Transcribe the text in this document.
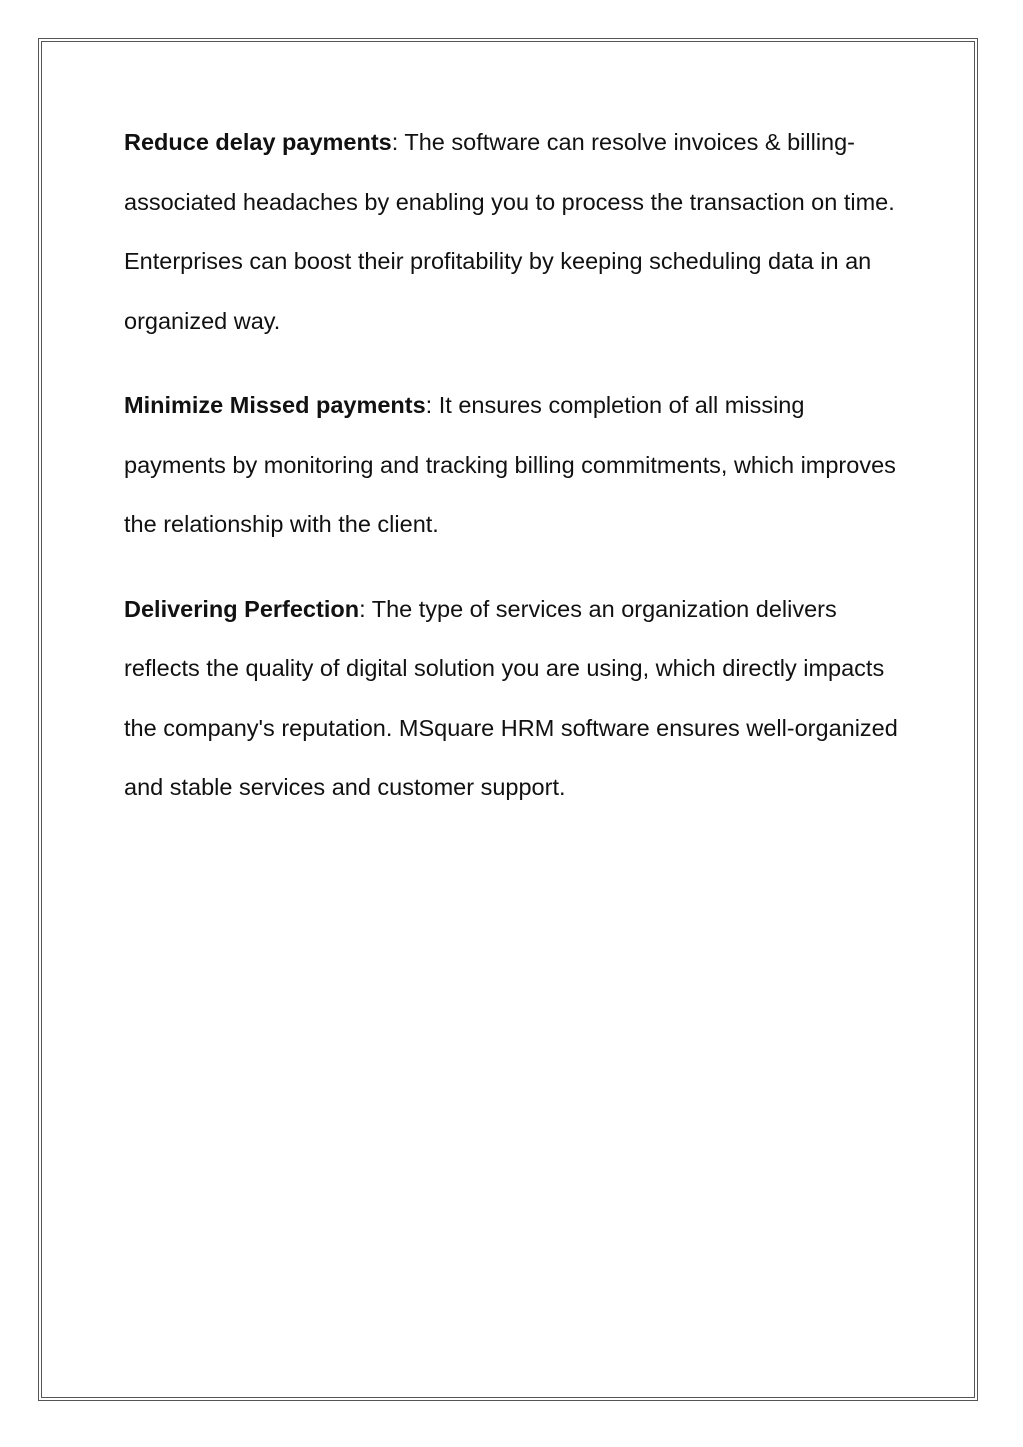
Reduce delay payments: The software can resolve invoices & billing-associated headaches by enabling you to process the transaction on time. Enterprises can boost their profitability by keeping scheduling data in an organized way.

Minimize Missed payments: It ensures completion of all missing payments by monitoring and tracking billing commitments, which improves the relationship with the client.

Delivering Perfection: The type of services an organization delivers reflects the quality of digital solution you are using, which directly impacts the company's reputation. MSquare HRM software ensures well-organized and stable services and customer support.
